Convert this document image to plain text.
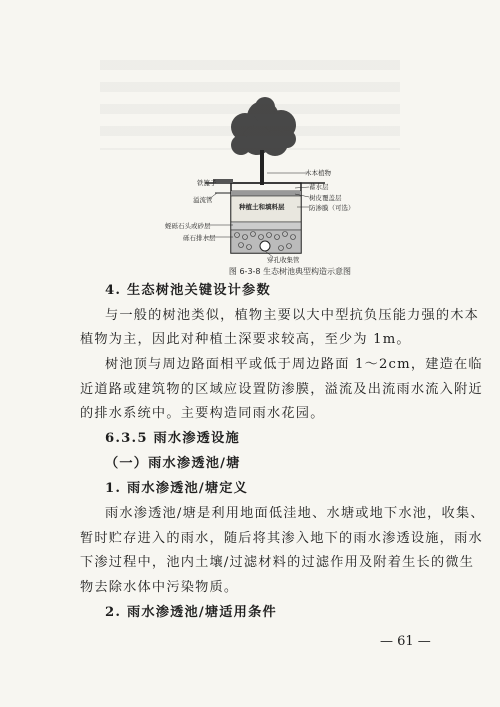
木本植物
铁篦子	蓄水层
溢流管	树皮覆盖层
种植土和填料层	防渗膜（可选）
蛭砾石头或砂层
砾石排水层
穿孔收集管
图 6-3-8 生态树池典型构造示意图
4. 生态树池关键设计参数
与一般的树池类似，植物主要以大中型抗负压能力强的木本
植物为主，因此对种植土深要求较高，至少为 1m。
树池顶与周边路面相平或低于周边路面 1～2cm，建造在临
近道路或建筑物的区域应设置防渗膜，溢流及出流雨水流入附近
的排水系统中。主要构造同雨水花园。
6.3.5 雨水渗透设施
（一）雨水渗透池/塘
1. 雨水渗透池/塘定义
雨水渗透池/塘是利用地面低洼地、水塘或地下水池，收集、
暂时贮存进入的雨水，随后将其渗入地下的雨水渗透设施，雨水
下渗过程中，池内土壤/过滤材料的过滤作用及附着生长的微生
物去除水体中污染物质。
2. 雨水渗透池/塘适用条件
— 61 —
